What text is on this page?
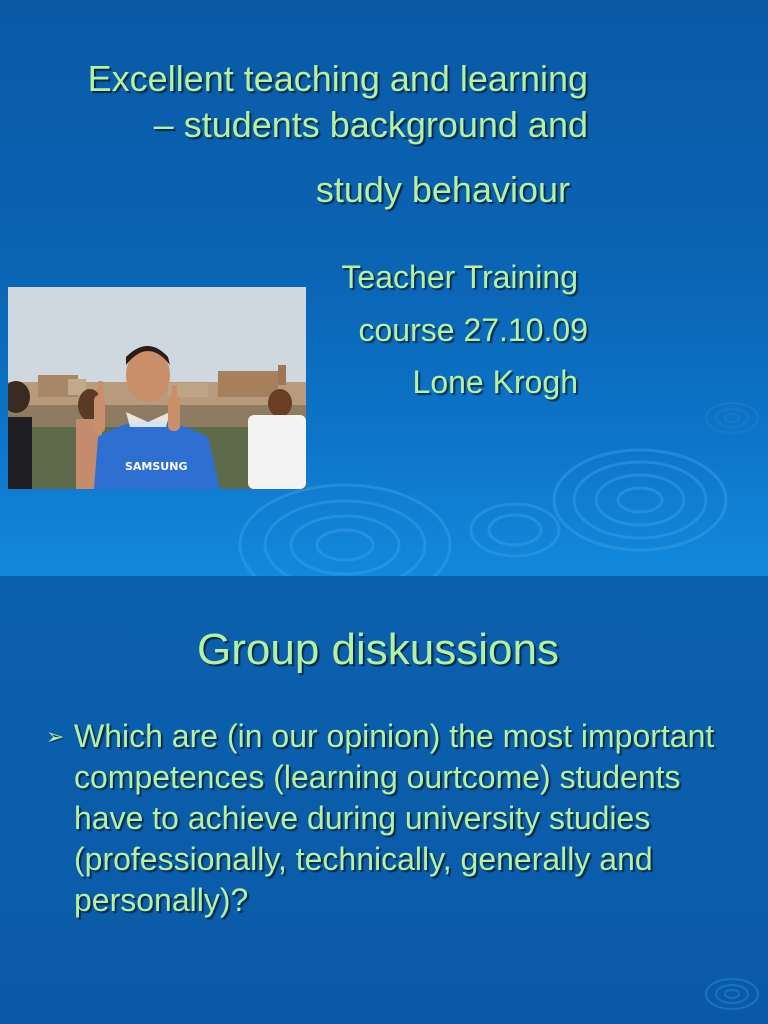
Excellent teaching and learning
– students background and
study behaviour
Teacher Training
course 27.10.09
Lone Krogh
SAMSUNG
Group diskussions
➢ Which are (in our opinion) the most important competences (learning ourtcome) students have to achieve during university studies (professionally, technically, generally and personally)?
